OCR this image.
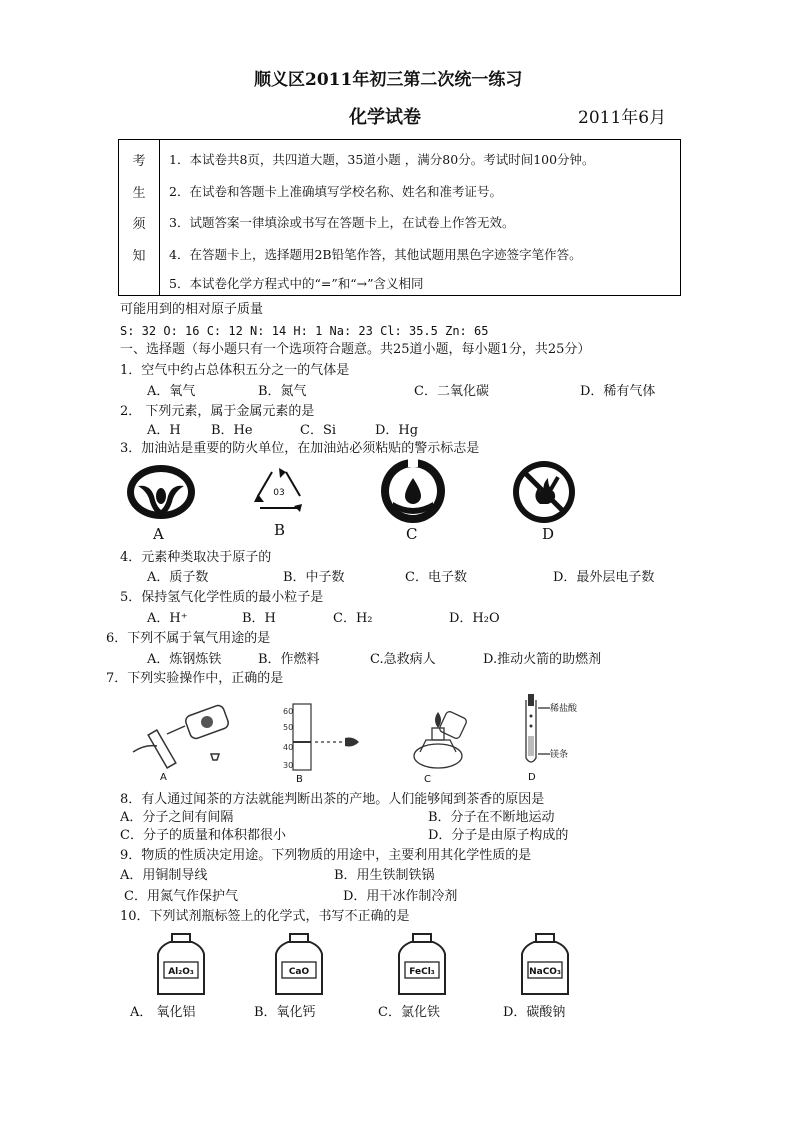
顺义区2011年初三第二次统一练习
化学试卷	2011年6月
考
生
须
知
1．本试卷共8页，共四道大题，35道小题 ，满分80分。考试时间100分钟。
2．在试卷和答题卡上准确填写学校名称、姓名和准考证号。
3．试题答案一律填涂或书写在答题卡上，在试卷上作答无效。
4．在答题卡上，选择题用2B铅笔作答，其他试题用黑色字迹签字笔作答。
5．本试卷化学方程式中的“=”和“→”含义相同
可能用到的相对原子质量
S: 32 O: 16 C: 12 N: 14 H: 1 Na: 23 Cl: 35.5 Zn: 65
一、选择题（每小题只有一个选项符合题意。共25道小题，每小题1分，共25分）
1．空气中约占总体积五分之一的气体是
A．氧气	B．氮气	C．二氧化碳	D．稀有气体
2． 下列元素，属于金属元素的是
A．H B．He	C．Si	D．Hg
3．加油站是重要的防火单位，在加油站必须粘贴的警示标志是
A
03
B	C	D
4．元素种类取决于原子的
A．质子数	B．中子数	C．电子数	D．最外层电子数
5．保持氢气化学性质的最小粒子是
A．H⁺	B．H	C．H₂	D．H₂O
6．下列不属于氧气用途的是
A．炼钢炼铁	B．作燃料	C.急救病人	D.推动火箭的助燃剂
7．下列实验操作中，正确的是
A
60
50
40
30
B	C
稀盐酸
镁条
D
8．有人通过闻茶的方法就能判断出茶的产地。人们能够闻到茶香的原因是
A．分子之间有间隔	B．分子在不断地运动
C．分子的质量和体积都很小	D．分子是由原子构成的
9．物质的性质决定用途。下列物质的用途中，主要利用其化学性质的是
A．用铜制导线	B．用生铁制铁锅
C．用氮气作保护气	D．用干冰作制冷剂
10．下列试剂瓶标签上的化学式，书写不正确的是
Al₂O₃	CaO	FeCl₃	NaCO₃
A． 氧化铝	B．氧化钙	C．氯化铁	D．碳酸钠
